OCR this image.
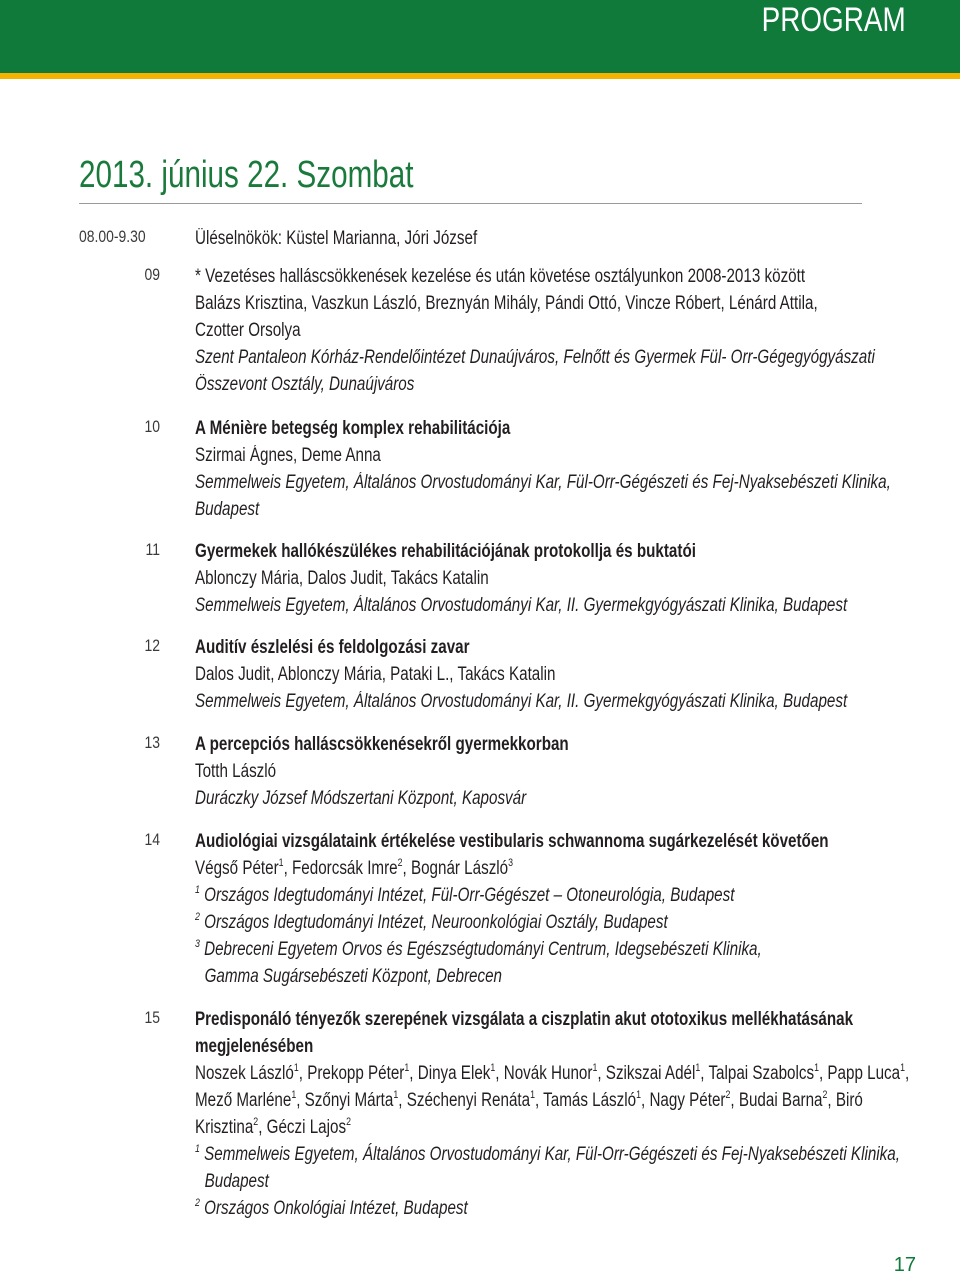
PROGRAM
2013. június 22. Szombat
08.00-9.30	Üléselnökök: Küstel Marianna, Jóri József
09 * Vezetéses halláscsökkenések kezelése és után követése osztályunkon 2008-2013 között
Balázs Krisztina, Vaszkun László, Breznyán Mihály, Pándi Ottó, Vincze Róbert, Lénárd Attila,
Czotter Orsolya
Szent Pantaleon Kórház-Rendelőintézet Dunaújváros, Felnőtt és Gyermek Fül- Orr-Gégegyógyászati
Összevont Osztály, Dunaújváros
10 A Ménière betegség komplex rehabilitációja
Szirmai Ágnes, Deme Anna
Semmelweis Egyetem, Általános Orvostudományi Kar, Fül-Orr-Gégészeti és Fej-Nyaksebészeti Klinika,
Budapest
11 Gyermekek hallókészülékes rehabilitációjának protokollja és buktatói
Ablonczy Mária, Dalos Judit, Takács Katalin
Semmelweis Egyetem, Általános Orvostudományi Kar, II. Gyermekgyógyászati Klinika, Budapest
12 Auditív észlelési és feldolgozási zavar
Dalos Judit, Ablonczy Mária, Pataki L., Takács Katalin
Semmelweis Egyetem, Általános Orvostudományi Kar, II. Gyermekgyógyászati Klinika, Budapest
13 A percepciós halláscsökkenésekről gyermekkorban
Totth László
Duráczky József Módszertani Központ, Kaposvár
14 Audiológiai vizsgálataink értékelése vestibularis schwannoma sugárkezelését követően
Végső Péter$^1$, Fedorcsák Imre$^2$, Bognár László$^3$
$^1$ Országos Idegtudományi Intézet, Fül-Orr-Gégészet – Otoneurológia, Budapest
$^2$ Országos Idegtudományi Intézet, Neuroonkológiai Osztály, Budapest
$^3$ Debreceni Egyetem Orvos és Egészségtudományi Centrum, Idegsebészeti Klinika,
Gamma Sugársebészeti Központ, Debrecen
15 Predisponáló tényezők szerepének vizsgálata a ciszplatin akut ototoxikus mellékhatásának
megjelenésében
Noszek László$^1$, Prekopp Péter$^1$, Dinya Elek$^1$, Novák Hunor$^1$, Szikszai Adél$^1$, Talpai Szabolcs$^1$, Papp Luca$^1$,
Mező Marléne$^1$, Szőnyi Márta$^1$, Széchenyi Renáta$^1$, Tamás László$^1$, Nagy Péter$^2$, Budai Barna$^2$, Biró
Krisztina$^2$, Géczi Lajos$^2$
$^1$ Semmelweis Egyetem, Általános Orvostudományi Kar, Fül-Orr-Gégészeti és Fej-Nyaksebészeti Klinika,
Budapest
$^2$ Országos Onkológiai Intézet, Budapest
17
